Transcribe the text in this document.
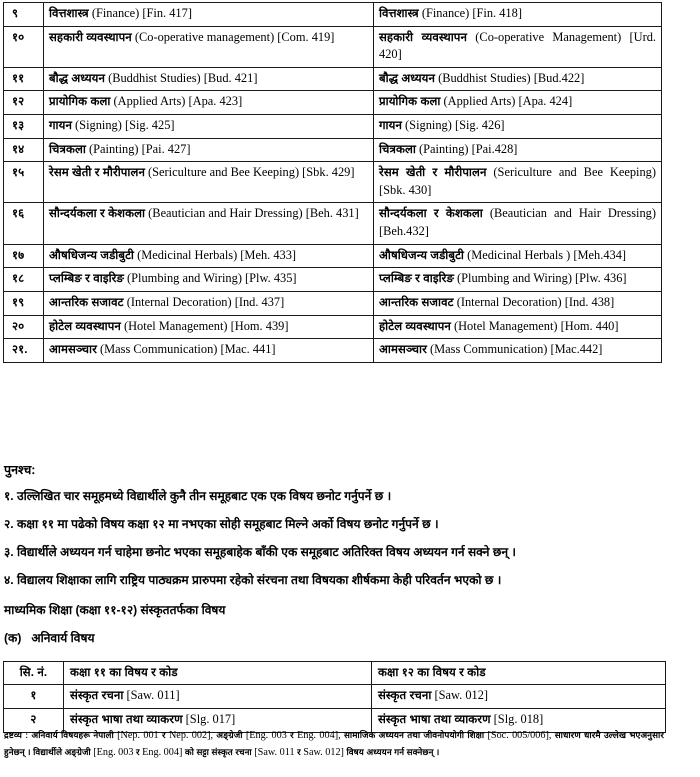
९	वित्तशास्त्र (Finance) [Fin. 417]	वित्तशास्त्र (Finance) [Fin. 418]
१०	सहकारी व्यवस्थापन (Co-operative management) [Com. 419]	सहकारी व्यवस्थापन (Co-operative Management) [Urd. 420]
११	बौद्ध अध्ययन (Buddhist Studies) [Bud. 421]	बौद्ध अध्ययन (Buddhist Studies) [Bud.422]
१२	प्रायोगिक कला (Applied Arts) [Apa. 423]	प्रायोगिक कला (Applied Arts) [Apa. 424]
१३	गायन (Signing) [Sig. 425]	गायन (Signing) [Sig. 426]
१४	चित्रकला (Painting) [Pai. 427]	चित्रकला (Painting) [Pai.428]
१५	रेसम खेती र मौरीपालन (Sericulture and Bee Keeping) [Sbk. 429]	रेसम खेती र मौरीपालन (Sericulture and Bee Keeping) [Sbk. 430]
१६	सौन्दर्यकला र केशकला (Beautician and Hair Dressing) [Beh. 431]	सौन्दर्यकला र केशकला (Beautician and Hair Dressing) [Beh.432]
१७	औषधिजन्य जडीबुटी (Medicinal Herbals) [Meh. 433]	औषधिजन्य जडीबुटी (Medicinal Herbals ) [Meh.434]
१८	प्लम्बिङ र वाइरिङ (Plumbing and Wiring) [Plw. 435]	प्लम्बिङ र वाइरिङ (Plumbing and Wiring) [Plw. 436]
१९	आन्तरिक सजावट (Internal Decoration) [Ind. 437]	आन्तरिक सजावट (Internal Decoration) [Ind. 438]
२०	होटेल व्यवस्थापन (Hotel Management) [Hom. 439]	होटेल व्यवस्थापन (Hotel Management) [Hom. 440]
२१.	आमसञ्चार (Mass Communication) [Mac. 441]	आमसञ्चार (Mass Communication) [Mac.442]
पुनश्च:

१. उल्लिखित चार समूहमध्ये विद्यार्थीले कुनै तीन समूहबाट एक एक विषय छनोट गर्नुपर्ने छ ।

२. कक्षा ११ मा पढेको विषय कक्षा १२ मा नभएका सोही समूहबाट मिल्ने अर्को विषय छनोट गर्नुपर्ने छ ।

३. विद्यार्थीले अध्ययन गर्न चाहेमा छनोट भएका समूहबाहेक बाँकी एक समूहबाट अतिरिक्त विषय अध्ययन गर्न सक्ने छन् ।

४. विद्यालय शिक्षाका लागि राष्ट्रिय पाठ्यक्रम प्रारुपमा रहेको संरचना तथा विषयका शीर्षकमा केही परिवर्तन भएको छ ।

माध्यमिक शिक्षा (कक्षा ११-१२) संस्कृततर्फका विषय
(क) अनिवार्य विषय
सि. नं.	कक्षा ११ का विषय र कोड	कक्षा १२ का विषय र कोड
१	संस्कृत रचना [Saw. 011]	संस्कृत रचना [Saw. 012]
२	संस्कृत भाषा तथा व्याकरण [Slg. 017]	संस्कृत भाषा तथा व्याकरण [Slg. 018]
द्रष्टव्य : अनिवार्य विषयहरू नेपाली [Nep. 001 र Nep. 002], अङ्ग्रेजी [Eng. 003 र Eng. 004], सामाजिक अध्ययन तथा जीवनोपयोगी शिक्षा [Soc. 005/006], साधारण धारमै उल्लेख भएअनुसार हुनेछन् । विद्यार्थीले अङ्ग्रेजी [Eng. 003 र Eng. 004] को सट्टा संस्कृत रचना [Saw. 011 र Saw. 012] विषय अध्ययन गर्न सक्नेछन् ।
